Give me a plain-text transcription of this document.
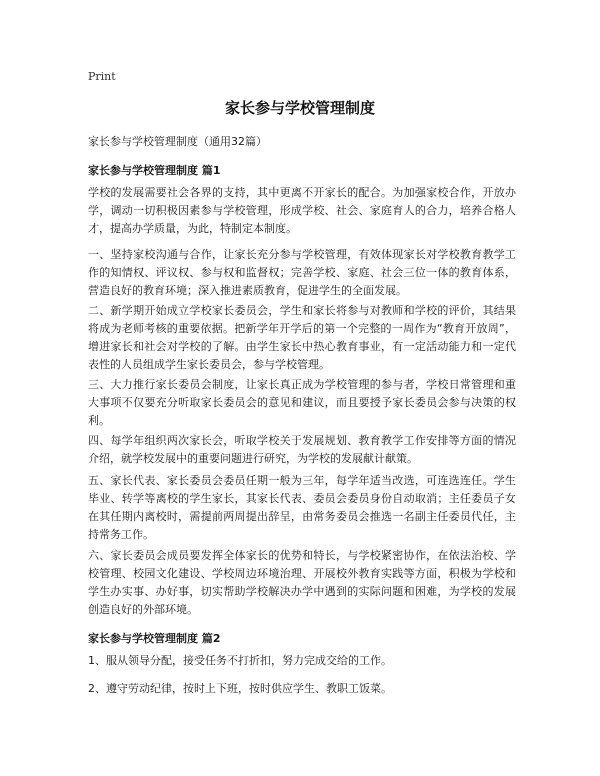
Print
家长参与学校管理制度
家长参与学校管理制度（通用32篇）
家长参与学校管理制度 篇1
学校的发展需要社会各界的支持，其中更离不开家长的配合。为加强家校合作，开放办学，调动一切积极因素参与学校管理，形成学校、社会、家庭育人的合力，培养合格人才，提高办学质量，为此，特制定本制度。
一、坚持家校沟通与合作，让家长充分参与学校管理，有效体现家长对学校教育教学工作的知情权、评议权、参与权和监督权；完善学校、家庭、社会三位一体的教育体系，营造良好的教育环境；深入推进素质教育，促进学生的全面发展。
二、新学期开始成立学校家长委员会，学生和家长将参与对教师和学校的评价，其结果将成为老师考核的重要依据。把新学年开学后的第一个完整的一周作为“教育开放周”，增进家长和社会对学校的了解。由学生家长中热心教育事业，有一定活动能力和一定代表性的人员组成学生家长委员会，参与学校管理。
三、大力推行家长委员会制度，让家长真正成为学校管理的参与者，学校日常管理和重大事项不仅要充分听取家长委员会的意见和建议，而且要授予家长委员会参与决策的权利。
四、每学年组织两次家长会，听取学校关于发展规划、教育教学工作安排等方面的情况介绍，就学校发展中的重要问题进行研究，为学校的发展献计献策。
五、家长代表、家长委员会委员任期一般为三年，每学年适当改选，可连选连任。学生毕业、转学等离校的学生家长，其家长代表、委员会委员身份自动取消；主任委员子女在其任期内离校时，需提前两周提出辞呈，由常务委员会推选一名副主任委员代任，主持常务工作。
六、家长委员会成员要发挥全体家长的优势和特长，与学校紧密协作，在依法治校、学校管理、校园文化建设、学校周边环境治理、开展校外教育实践等方面，积极为学校和学生办实事、办好事，切实帮助学校解决办学中遇到的实际问题和困难，为学校的发展创造良好的外部环境。
家长参与学校管理制度 篇2
1、服从领导分配，接受任务不打折扣，努力完成交给的工作。
2、遵守劳动纪律，按时上下班，按时供应学生、教职工饭菜。
